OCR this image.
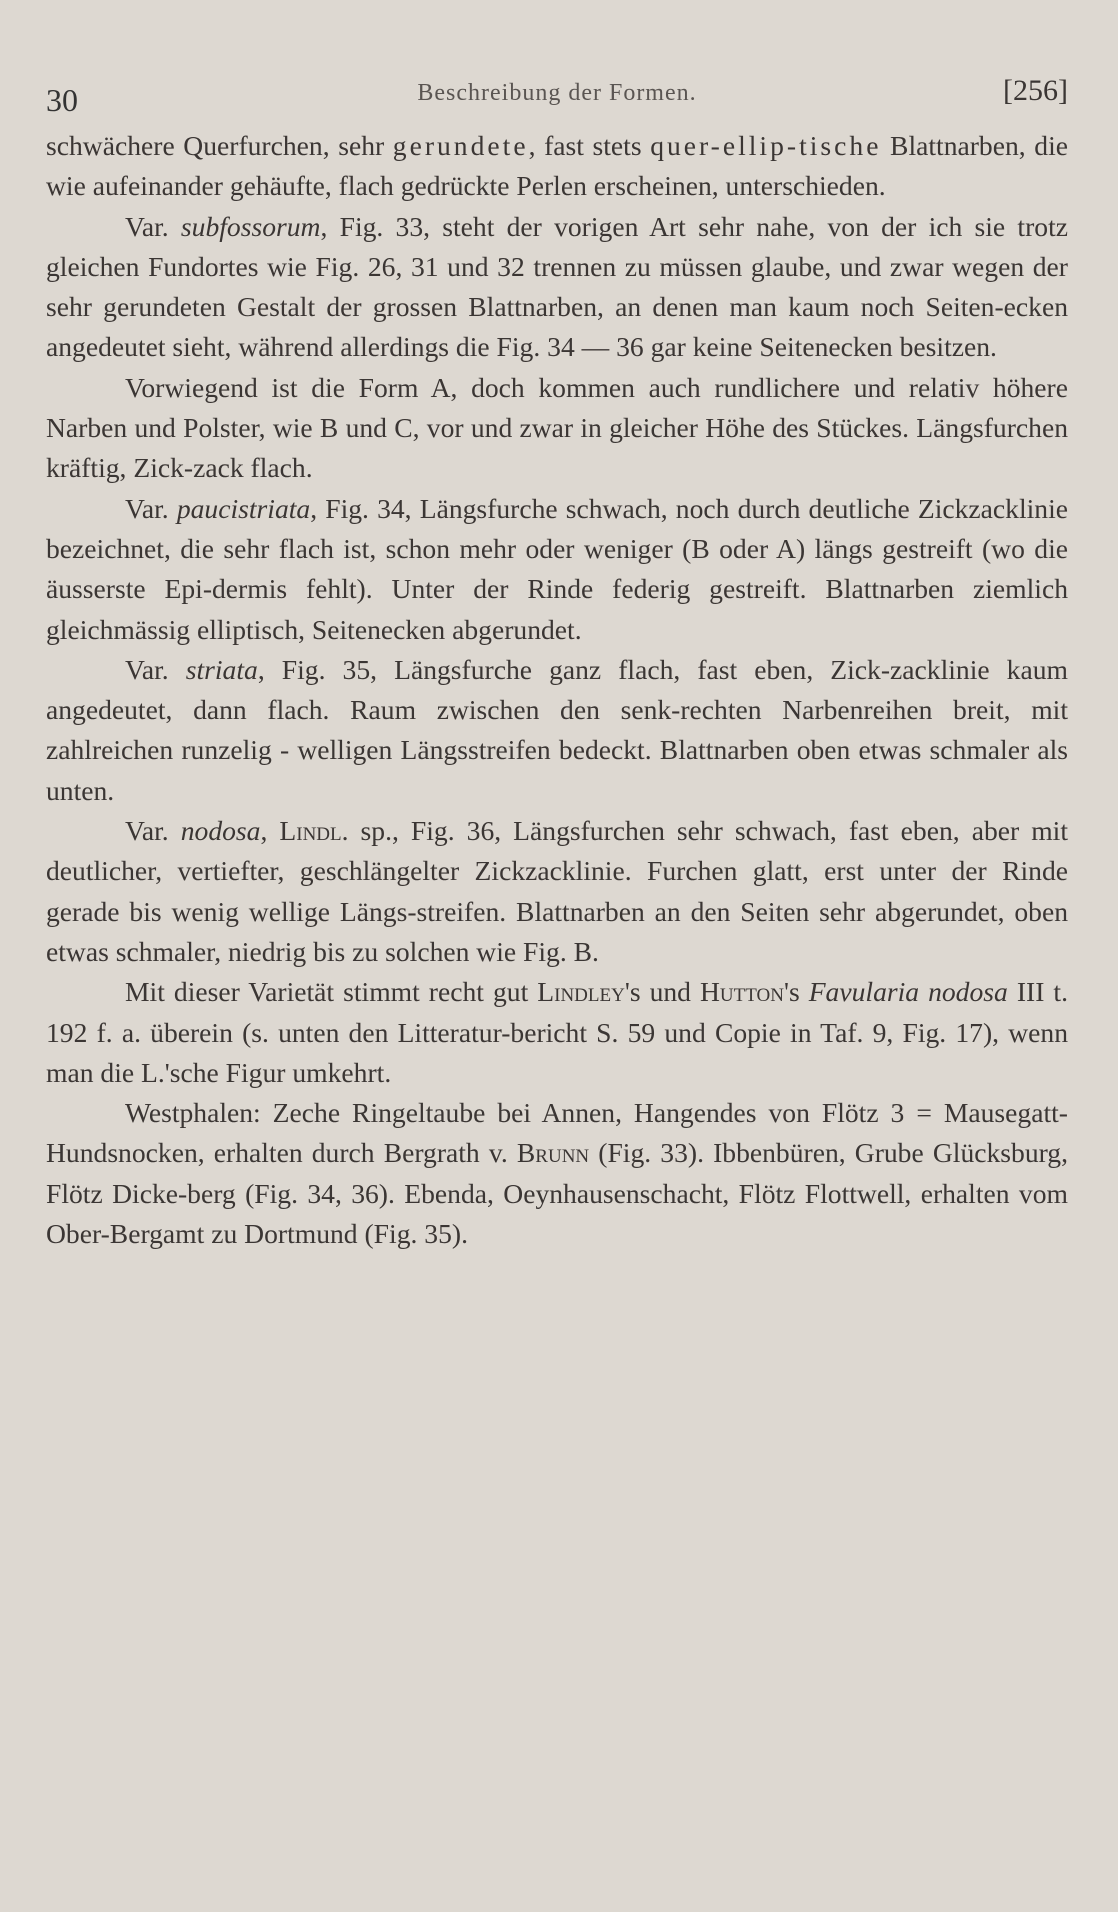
30	Beschreibung der Formen.	[256]

schwächere Querfurchen, sehr gerundete, fast stets quer-ellip-tische Blattnarben, die wie aufeinander gehäufte, flach gedrückte Perlen erscheinen, unterschieden.

Var. subfossorum, Fig. 33, steht der vorigen Art sehr nahe, von der ich sie trotz gleichen Fundortes wie Fig. 26, 31 und 32 trennen zu müssen glaube, und zwar wegen der sehr gerundeten Gestalt der grossen Blattnarben, an denen man kaum noch Seiten-ecken angedeutet sieht, während allerdings die Fig. 34 — 36 gar keine Seitenecken besitzen.

Vorwiegend ist die Form A, doch kommen auch rundlichere und relativ höhere Narben und Polster, wie B und C, vor und zwar in gleicher Höhe des Stückes. Längsfurchen kräftig, Zick-zack flach.

Var. paucistriata, Fig. 34, Längsfurche schwach, noch durch deutliche Zickzacklinie bezeichnet, die sehr flach ist, schon mehr oder weniger (B oder A) längs gestreift (wo die äusserste Epi-dermis fehlt). Unter der Rinde federig gestreift. Blattnarben ziemlich gleichmässig elliptisch, Seitenecken abgerundet.

Var. striata, Fig. 35, Längsfurche ganz flach, fast eben, Zick-zacklinie kaum angedeutet, dann flach. Raum zwischen den senk-rechten Narbenreihen breit, mit zahlreichen runzelig - welligen Längsstreifen bedeckt. Blattnarben oben etwas schmaler als unten.

Var. nodosa, Lindl. sp., Fig. 36, Längsfurchen sehr schwach, fast eben, aber mit deutlicher, vertiefter, geschlängelter Zickzacklinie. Furchen glatt, erst unter der Rinde gerade bis wenig wellige Längs-streifen. Blattnarben an den Seiten sehr abgerundet, oben etwas schmaler, niedrig bis zu solchen wie Fig. B.

Mit dieser Varietät stimmt recht gut Lindley's und Hutton's Favularia nodosa III t. 192 f. a. überein (s. unten den Litteratur-bericht S. 59 und Copie in Taf. 9, Fig. 17), wenn man die L.'sche Figur umkehrt.

Westphalen: Zeche Ringeltaube bei Annen, Hangendes von Flötz 3 = Mausegatt-Hundsnocken, erhalten durch Bergrath v. Brunn (Fig. 33). Ibbenbüren, Grube Glücksburg, Flötz Dicke-berg (Fig. 34, 36). Ebenda, Oeynhausenschacht, Flötz Flottwell, erhalten vom Ober-Bergamt zu Dortmund (Fig. 35).
